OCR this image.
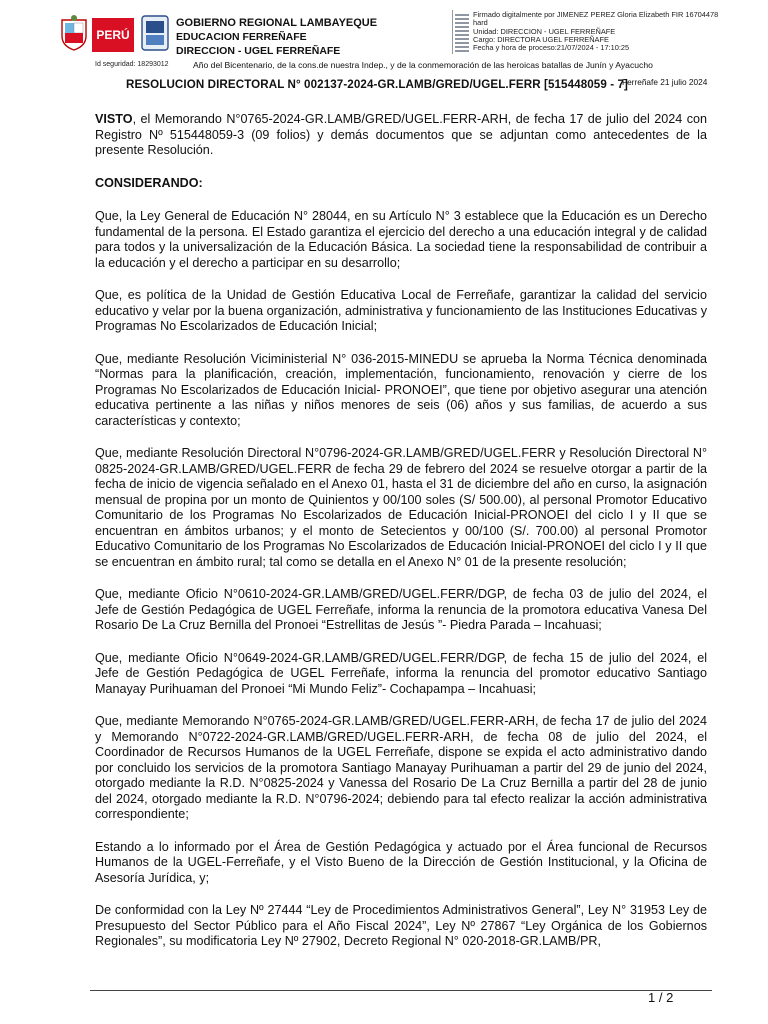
PERÚ
GOBIERNO REGIONAL LAMBAYEQUE
EDUCACION FERREÑAFE
DIRECCION - UGEL FERREÑAFE
Firmado digitalmente por JIMENEZ PEREZ Gloria Elizabeth FIR 16704478
hard
Unidad: DIRECCION - UGEL FERREÑAFE
Cargo: DIRECTORA UGEL FERREÑAFE
Fecha y hora de proceso:21/07/2024 - 17:10:25
Id seguridad: 18293012	Año del Bicentenario, de la cons.de nuestra Indep., y de la conmemoración de las heroicas batallas de Junín y Ayacucho
RESOLUCION DIRECTORAL N° 002137-2024-GR.LAMB/GRED/UGEL.FERR [515448059 - 7]
Ferreñafe 21 julio 2024

VISTO, el Memorando N°0765-2024-GR.LAMB/GRED/UGEL.FERR-ARH, de fecha 17 de julio del 2024 con Registro Nº 515448059-3 (09 folios) y demás documentos que se adjuntan como antecedentes de la presente Resolución.

CONSIDERANDO:

Que, la Ley General de Educación N° 28044, en su Artículo N° 3 establece que la Educación es un Derecho fundamental de la persona. El Estado garantiza el ejercicio del derecho a una educación integral y de calidad para todos y la universalización de la Educación Básica. La sociedad tiene la responsabilidad de contribuir a la educación y el derecho a participar en su desarrollo;

Que, es política de la Unidad de Gestión Educativa Local de Ferreñafe, garantizar la calidad del servicio educativo y velar por la buena organización, administrativa y funcionamiento de las Instituciones Educativas y Programas No Escolarizados de Educación Inicial;

Que, mediante Resolución Viciministerial N° 036-2015-MINEDU se aprueba la Norma Técnica denominada “Normas para la planificación, creación, implementación, funcionamiento, renovación y cierre de los Programas No Escolarizados de Educación Inicial- PRONOEI”, que tiene por objetivo asegurar una atención educativa pertinente a las niñas y niños menores de seis (06) años y sus familias, de acuerdo a sus características y contexto;

Que, mediante Resolución Directoral N°0796-2024-GR.LAMB/GRED/UGEL.FERR y Resolución Directoral N° 0825-2024-GR.LAMB/GRED/UGEL.FERR de fecha 29 de febrero del 2024 se resuelve otorgar a partir de la fecha de inicio de vigencia señalado en el Anexo 01, hasta el 31 de diciembre del año en curso, la asignación mensual de propina por un monto de Quinientos y 00/100 soles (S/ 500.00), al personal Promotor Educativo Comunitario de los Programas No Escolarizados de Educación Inicial-PRONOEI del ciclo I y II que se encuentran en ámbitos urbanos; y el monto de Setecientos y 00/100 (S/. 700.00) al personal Promotor Educativo Comunitario de los Programas No Escolarizados de Educación Inicial-PRONOEI del ciclo I y II que se encuentran en ámbito rural; tal como se detalla en el Anexo N° 01 de la presente resolución;

Que, mediante Oficio N°0610-2024-GR.LAMB/GRED/UGEL.FERR/DGP, de fecha 03 de julio del 2024, el Jefe de Gestión Pedagógica de UGEL Ferreñafe, informa la renuncia de la promotora educativa Vanesa Del Rosario De La Cruz Bernilla del Pronoei “Estrellitas de Jesús ”- Piedra Parada – Incahuasi;

Que, mediante Oficio N°0649-2024-GR.LAMB/GRED/UGEL.FERR/DGP, de fecha 15 de julio del 2024, el Jefe de Gestión Pedagógica de UGEL Ferreñafe, informa la renuncia del promotor educativo Santiago Manayay Purihuaman del Pronoei “Mi Mundo Feliz”- Cochapampa – Incahuasi;

Que, mediante Memorando N°0765-2024-GR.LAMB/GRED/UGEL.FERR-ARH, de fecha 17 de julio del 2024 y Memorando N°0722-2024-GR.LAMB/GRED/UGEL.FERR-ARH, de fecha 08 de julio del 2024, el Coordinador de Recursos Humanos de la UGEL Ferreñafe, dispone se expida el acto administrativo dando por concluido los servicios de la promotora Santiago Manayay Purihuaman a partir del 29 de junio del 2024, otorgado mediante la R.D. N°0825-2024 y Vanessa del Rosario De La Cruz Bernilla a partir del 28 de junio del 2024, otorgado mediante la R.D. N°0796-2024; debiendo para tal efecto realizar la acción administrativa correspondiente;

Estando a lo informado por el Área de Gestión Pedagógica y actuado por el Área funcional de Recursos Humanos de la UGEL-Ferreñafe, y el Visto Bueno de la Dirección de Gestión Institucional, y la Oficina de Asesoría Jurídica, y;

De conformidad con la Ley Nº 27444 “Ley de Procedimientos Administrativos General”, Ley N° 31953 Ley de Presupuesto del Sector Público para el Año Fiscal 2024”, Ley Nº 27867 “Ley Orgánica de los Gobiernos Regionales”, su modificatoria Ley Nº 27902, Decreto Regional N° 020-2018-GR.LAMB/PR,

1 / 2
